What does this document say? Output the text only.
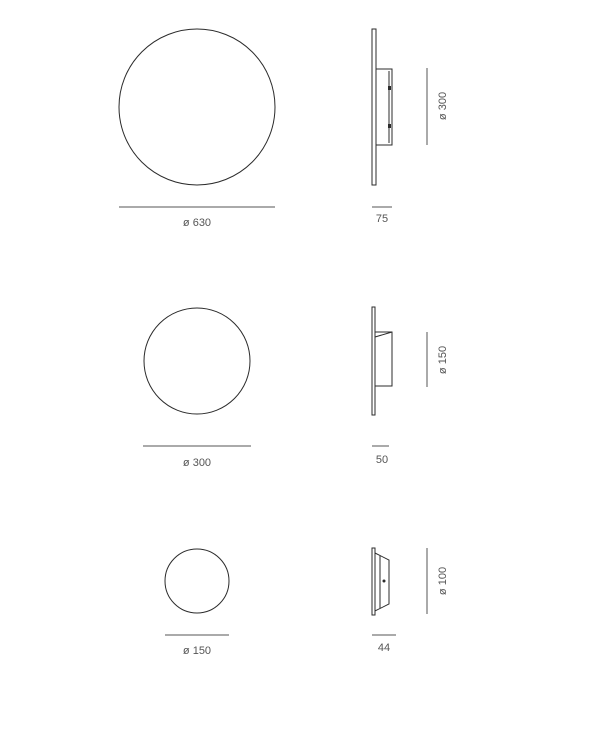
ø 630	75
ø 300
ø 300	50
ø 150
ø 150	44
ø 100
